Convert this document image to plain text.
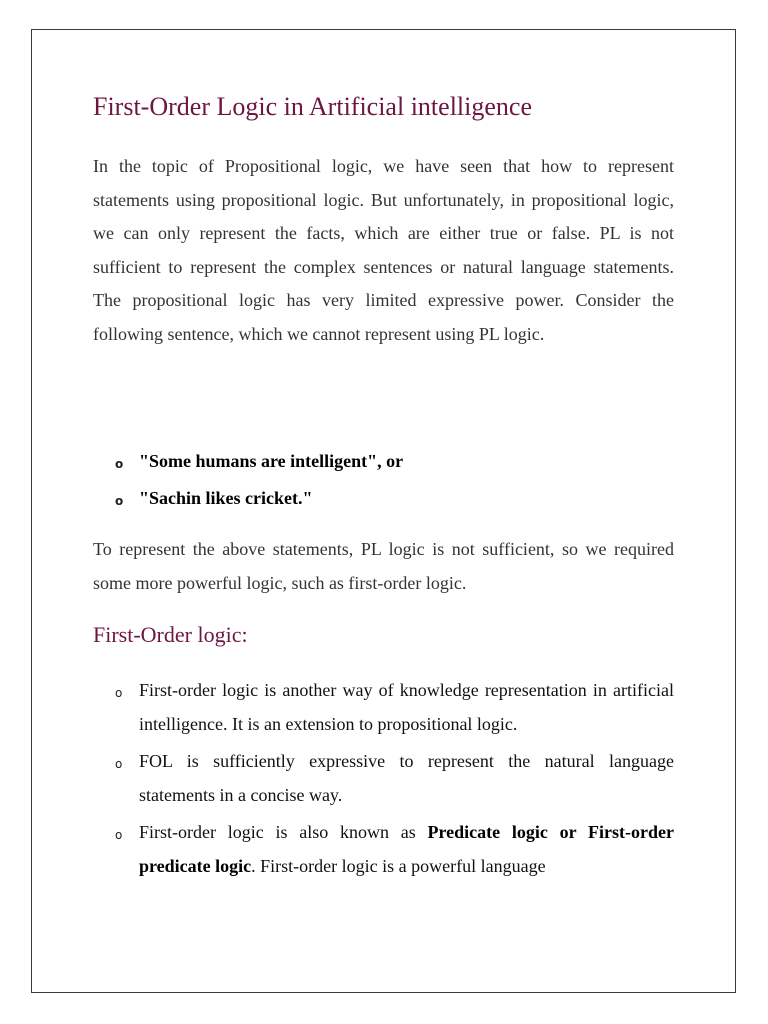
First-Order Logic in Artificial intelligence

In the topic of Propositional logic, we have seen that how to represent statements using propositional logic. But unfortunately, in propositional logic, we can only represent the facts, which are either true or false. PL is not sufficient to represent the complex sentences or natural language statements. The propositional logic has very limited expressive power. Consider the following sentence, which we cannot represent using PL logic.

o "Some humans are intelligent", or
o "Sachin likes cricket."

To represent the above statements, PL logic is not sufficient, so we required some more powerful logic, such as first-order logic.

First-Order logic:
o First-order logic is another way of knowledge representation in artificial intelligence. It is an extension to propositional logic.
o FOL is sufficiently expressive to represent the natural language statements in a concise way.
o First-order logic is also known as Predicate logic or First-order predicate logic. First-order logic is a powerful language
